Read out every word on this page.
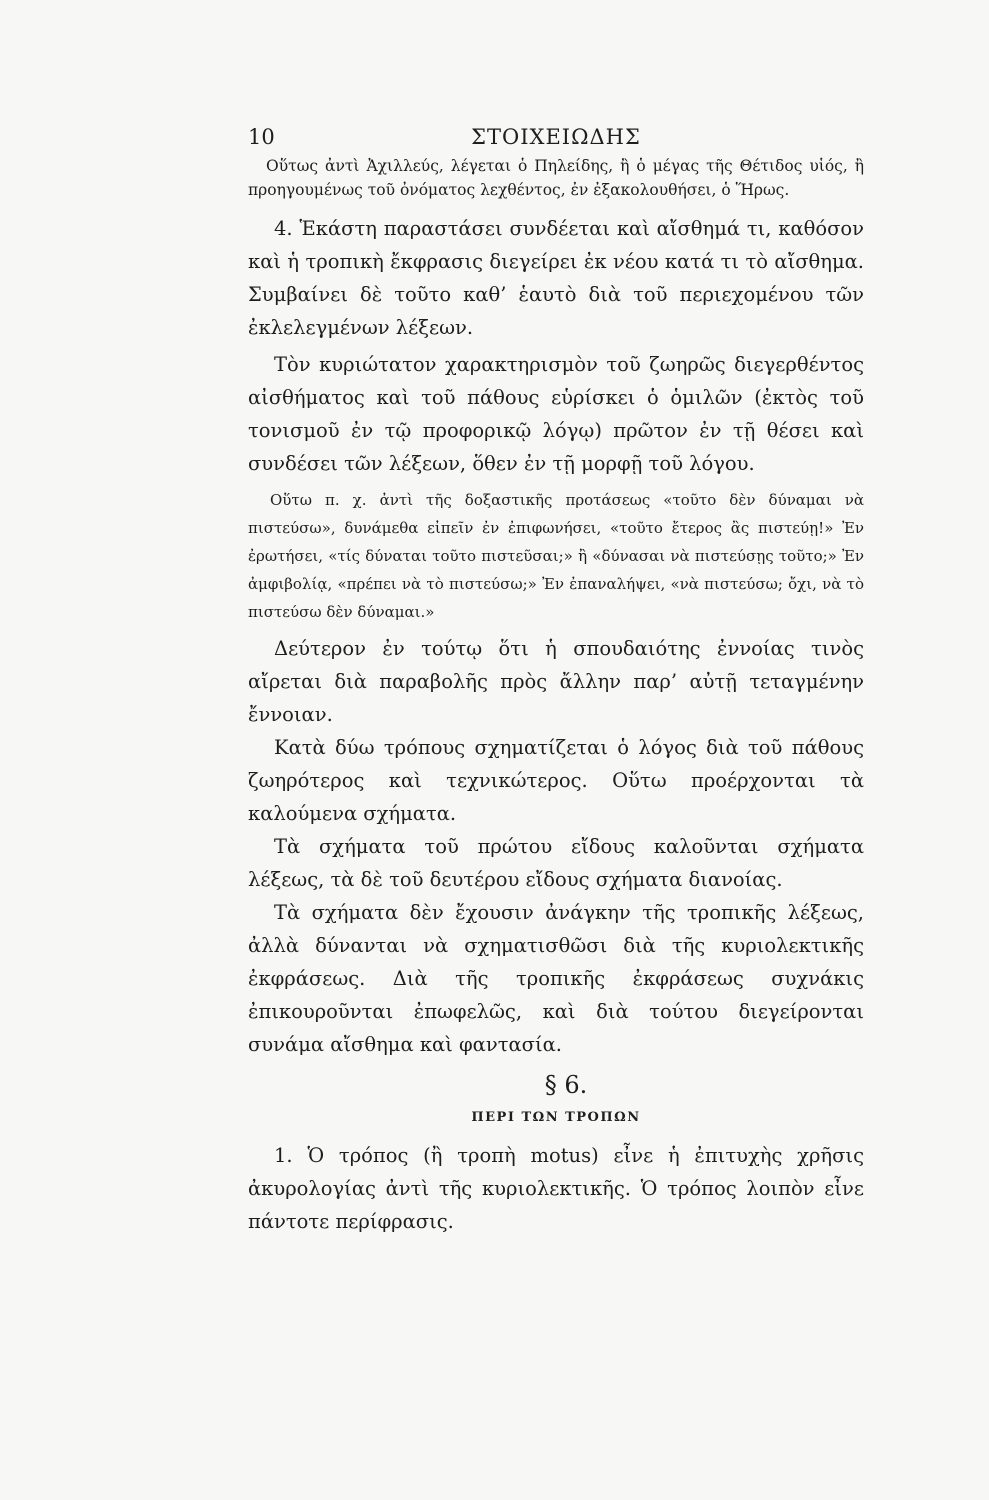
10	ΣΤΟΙΧΕΙΩΔΗΣ

Οὕτως ἀντὶ Ἀχιλλεύς, λέγεται ὁ Πηλείδης, ἢ ὁ μέγας τῆς Θέτιδος υἱός, ἢ προηγουμένως τοῦ ὀνόματος λεχθέντος, ἐν ἐξακολουθήσει, ὁ Ἥρως.

4. Ἑκάστη παραστάσει συνδέεται καὶ αἴσθημά τι, καθόσον καὶ ἡ τροπικὴ ἔκφρασις διεγείρει ἐκ νέου κατά τι τὸ αἴσθημα. Συμβαίνει δὲ τοῦτο καθ’ ἑαυτὸ διὰ τοῦ περιεχομένου τῶν ἐκλελεγμένων λέξεων.

Τὸν κυριώτατον χαρακτηρισμὸν τοῦ ζωηρῶς διεγερθέντος αἰσθήματος καὶ τοῦ πάθους εὑρίσκει ὁ ὁμιλῶν (ἐκτὸς τοῦ τονισμοῦ ἐν τῷ προφορικῷ λόγῳ) πρῶτον ἐν τῇ θέσει καὶ συνδέσει τῶν λέξεων, ὅθεν ἐν τῇ μορφῇ τοῦ λόγου.

Οὕτω π. χ. ἀντὶ τῆς δοξαστικῆς προτάσεως «τοῦτο δὲν δύναμαι νὰ πιστεύσω», δυνάμεθα εἰπεῖν ἐν ἐπιφωνήσει, «τοῦτο ἔτερος ἂς πιστεύῃ!» Ἐν ἐρωτήσει, «τίς δύναται τοῦτο πιστεῦσαι;» ἢ «δύνασαι νὰ πιστεύσῃς τοῦτο;» Ἐν ἀμφιβολίᾳ, «πρέπει νὰ τὸ πιστεύσω;» Ἐν ἐπαναλήψει, «νὰ πιστεύσω; ὄχι, νὰ τὸ πιστεύσω δὲν δύναμαι.»

Δεύτερον ἐν τούτῳ ὅτι ἡ σπουδαιότης ἐννοίας τινὸς αἴρεται διὰ παραβολῆς πρὸς ἄλλην παρ’ αὐτῇ τεταγμένην ἔννοιαν.

Κατὰ δύω τρόπους σχηματίζεται ὁ λόγος διὰ τοῦ πάθους ζωηρότερος καὶ τεχνικώτερος. Οὕτω προέρχονται τὰ καλούμενα σχήματα.

Τὰ σχήματα τοῦ πρώτου εἴδους καλοῦνται σχήματα λέξεως, τὰ δὲ τοῦ δευτέρου εἴδους σχήματα διανοίας.

Τὰ σχήματα δὲν ἔχουσιν ἀνάγκην τῆς τροπικῆς λέξεως, ἀλλὰ δύνανται νὰ σχηματισθῶσι διὰ τῆς κυριολεκτικῆς ἐκφράσεως. Διὰ τῆς τροπικῆς ἐκφράσεως συχνάκις ἐπικουροῦνται ἐπωφελῶς, καὶ διὰ τούτου διεγείρονται συνάμα αἴσθημα καὶ φαντασία.

§ 6.
ΠΕΡΙ ΤΩΝ ΤΡΟΠΩΝ

1. Ὁ τρόπος (ἢ τροπὴ motus) εἶνε ἡ ἐπιτυχὴς χρῆσις ἀκυρολογίας ἀντὶ τῆς κυριολεκτικῆς. Ὁ τρόπος λοιπὸν εἶνε πάντοτε περίφρασις.
